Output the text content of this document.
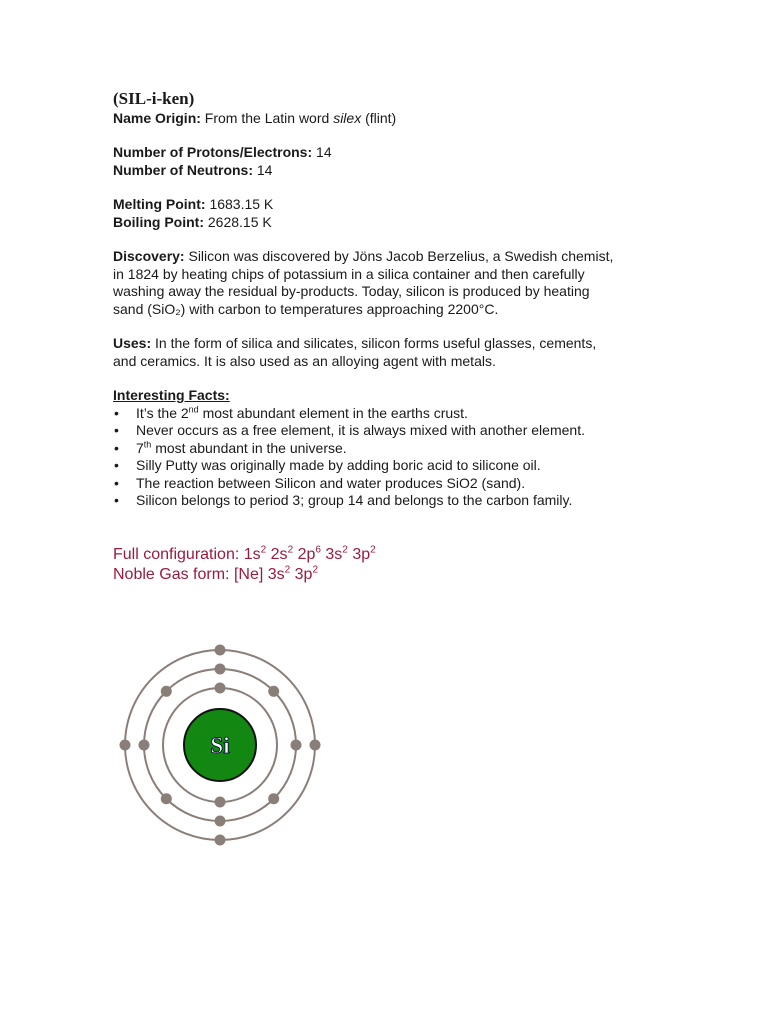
(SIL-i-ken)

Name Origin: From the Latin word silex (flint)

Number of Protons/Electrons: 14

Number of Neutrons: 14

Melting Point: 1683.15 K

Boiling Point: 2628.15 K

Discovery: Silicon was discovered by Jöns Jacob Berzelius, a Swedish chemist,

in 1824 by heating chips of potassium in a silica container and then carefully

washing away the residual by-products. Today, silicon is produced by heating

sand (SiO₂) with carbon to temperatures approaching 2200°C.

Uses: In the form of silica and silicates, silicon forms useful glasses, cements,

and ceramics. It is also used as an alloying agent with metals.

Interesting Facts:

• It’s the 2nd most abundant element in the earths crust.
• Never occurs as a free element, it is always mixed with another element.
• 7th most abundant in the universe.
• Silly Putty was originally made by adding boric acid to silicone oil.
• The reaction between Silicon and water produces SiO2 (sand).
• Silicon belongs to period 3; group 14 and belongs to the carbon family.
Full configuration: $1s^2$ $2s^2$ $2p^6$ $3s^2$ $3p^2$
Noble Gas form: [Ne] $3s^2$ $3p^2$
Si
